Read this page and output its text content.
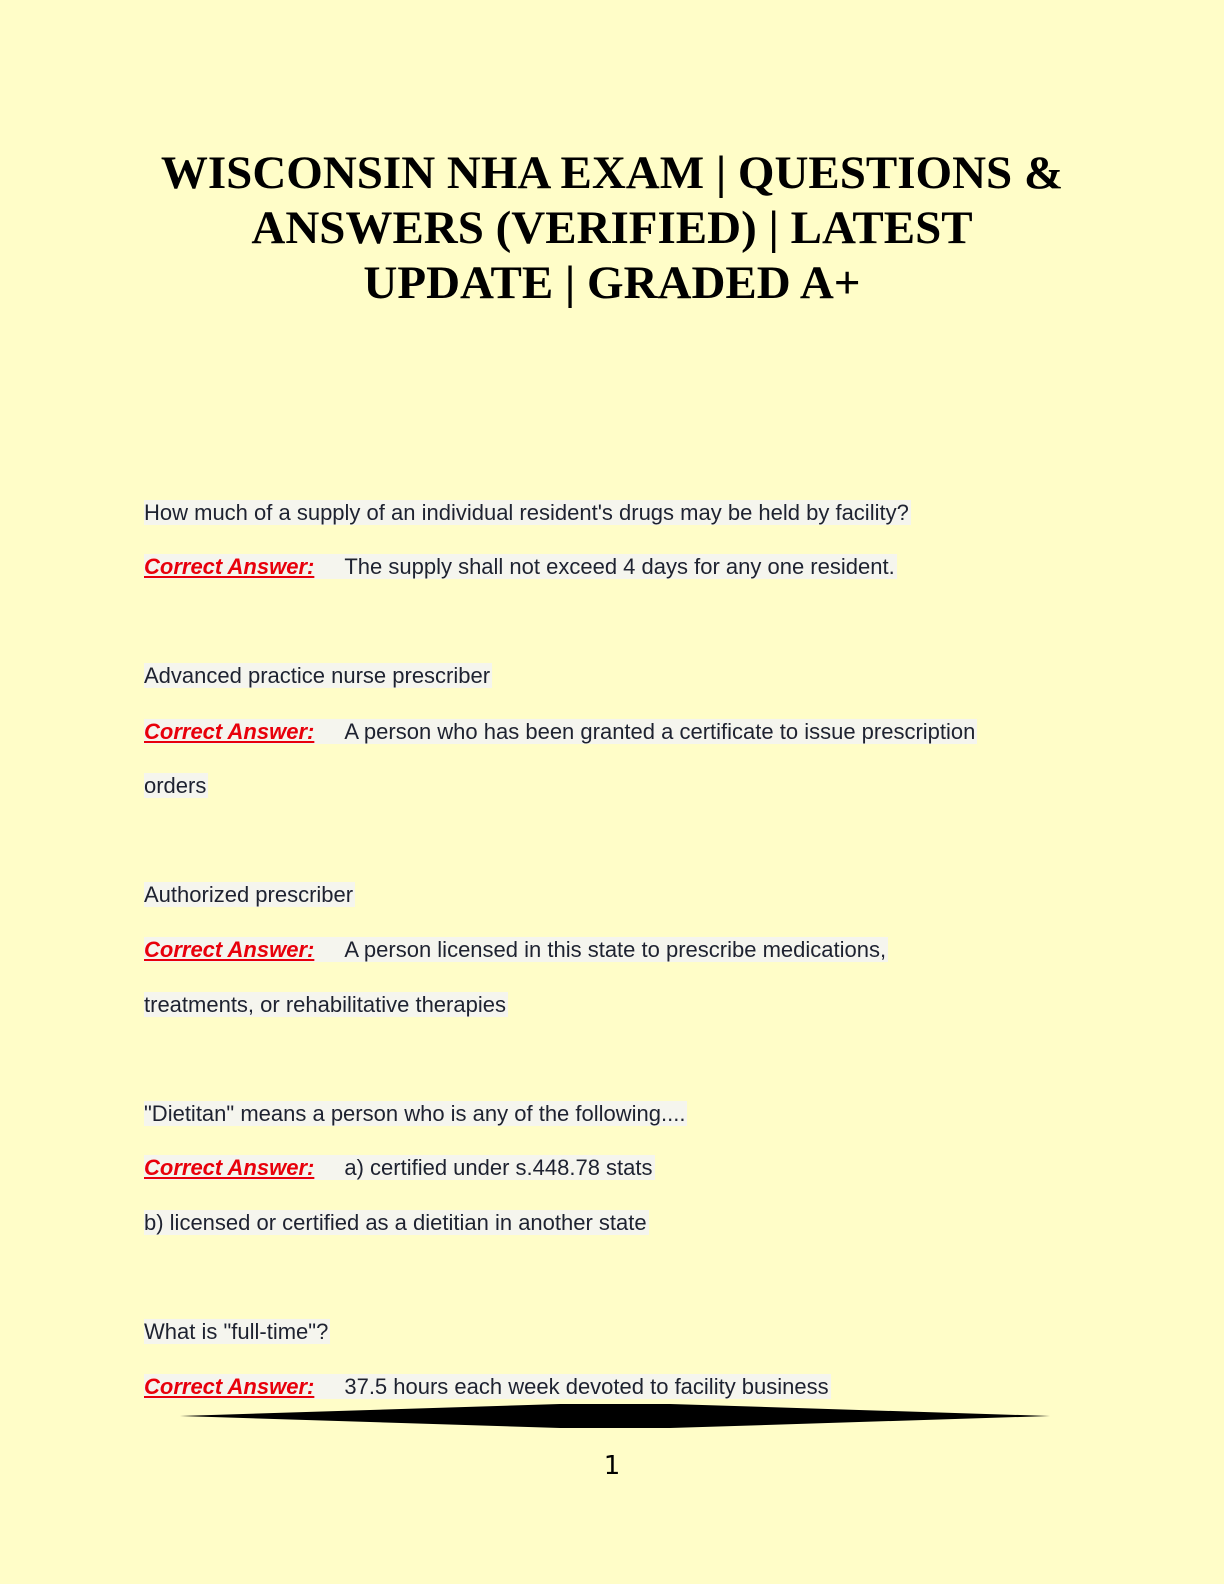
WISCONSIN NHA EXAM | QUESTIONS &
ANSWERS (VERIFIED) | LATEST
UPDATE | GRADED A+
How much of a supply of an individual resident's drugs may be held by facility?
Correct Answer: The supply shall not exceed 4 days for any one resident.
Advanced practice nurse prescriber
Correct Answer: A person who has been granted a certificate to issue prescription
orders
Authorized prescriber
Correct Answer: A person licensed in this state to prescribe medications,
treatments, or rehabilitative therapies
"Dietitan" means a person who is any of the following....
Correct Answer: a) certified under s.448.78 stats
b) licensed or certified as a dietitian in another state
What is "full-time"?
Correct Answer: 37.5 hours each week devoted to facility business
1
